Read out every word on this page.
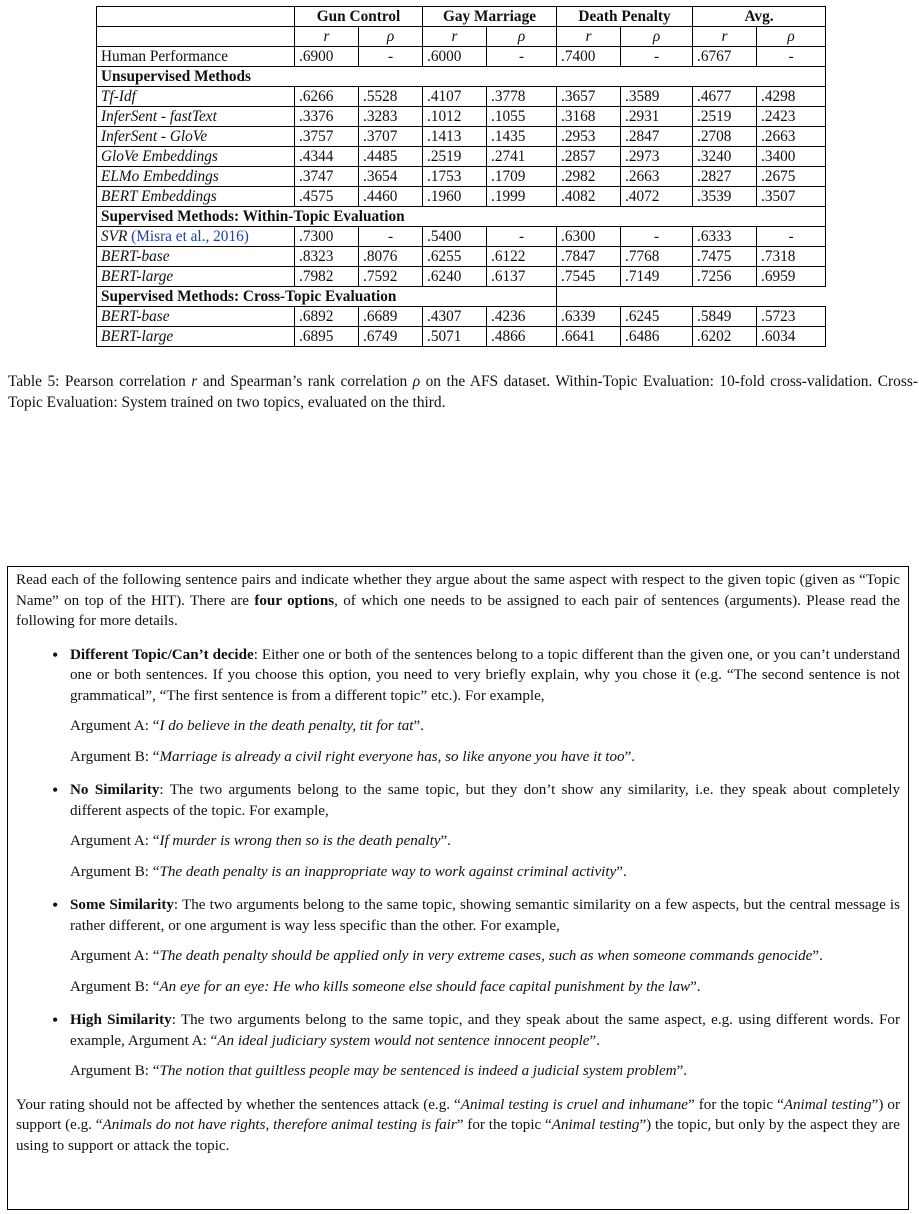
	Gun Control		Gay Marriage		Death Penalty		Avg.	
	r	ρ	r	ρ	r	ρ	r	ρ
Human Performance	.6900	-	.6000	-	.7400	-	.6767	-
Unsupervised Methods								
Tf-Idf	.6266	.5528	.4107	.3778	.3657	.3589	.4677	.4298
InferSent - fastText	.3376	.3283	.1012	.1055	.3168	.2931	.2519	.2423
InferSent - GloVe	.3757	.3707	.1413	.1435	.2953	.2847	.2708	.2663
GloVe Embeddings	.4344	.4485	.2519	.2741	.2857	.2973	.3240	.3400
ELMo Embeddings	.3747	.3654	.1753	.1709	.2982	.2663	.2827	.2675
BERT Embeddings	.4575	.4460	.1960	.1999	.4082	.4072	.3539	.3507
Supervised Methods: Within-Topic Evaluation								
SVR (Misra et al., 2016)	.7300	-	.5400	-	.6300	-	.6333	-
BERT-base	.8323	.8076	.6255	.6122	.7847	.7768	.7475	.7318
BERT-large	.7982	.7592	.6240	.6137	.7545	.7149	.7256	.6959
Supervised Methods: Cross-Topic Evaluation								
BERT-base	.6892	.6689	.4307	.4236	.6339	.6245	.5849	.5723
BERT-large	.6895	.6749	.5071	.4866	.6641	.6486	.6202	.6034
Table 5: Pearson correlation r and Spearman’s rank correlation ρ on the AFS dataset. Within-Topic Evaluation: 10-fold cross-validation. Cross-Topic Evaluation: System trained on two topics, evaluated on the third.

Read each of the following sentence pairs and indicate whether they argue about the same aspect with respect to the given topic (given as “Topic Name” on top of the HIT). There are four options, of which one needs to be assigned to each pair of sentences (arguments). Please read the following for more details.

• Different Topic/Can’t decide: Either one or both of the sentences belong to a topic different than the given one, or you can’t understand one or both sentences. If you choose this option, you need to very briefly explain, why you chose it (e.g. “The second sentence is not grammatical”, “The first sentence is from a different topic” etc.). For example,

Argument A: “I do believe in the death penalty, tit for tat”.

Argument B: “Marriage is already a civil right everyone has, so like anyone you have it too”.

• No Similarity: The two arguments belong to the same topic, but they don’t show any similarity, i.e. they speak about completely different aspects of the topic. For example,

Argument A: “If murder is wrong then so is the death penalty”.

Argument B: “The death penalty is an inappropriate way to work against criminal activity”.

• Some Similarity: The two arguments belong to the same topic, showing semantic similarity on a few aspects, but the central message is rather different, or one argument is way less specific than the other. For example,

Argument A: “The death penalty should be applied only in very extreme cases, such as when someone commands genocide”.

Argument B: “An eye for an eye: He who kills someone else should face capital punishment by the law”.

• High Similarity: The two arguments belong to the same topic, and they speak about the same aspect, e.g. using different words. For example, Argument A: “An ideal judiciary system would not sentence innocent people”.

Argument B: “The notion that guiltless people may be sentenced is indeed a judicial system problem”.

Your rating should not be affected by whether the sentences attack (e.g. “Animal testing is cruel and inhumane” for the topic “Animal testing”) or support (e.g. “Animals do not have rights, therefore animal testing is fair” for the topic “Animal testing”) the topic, but only by the aspect they are using to support or attack the topic.
